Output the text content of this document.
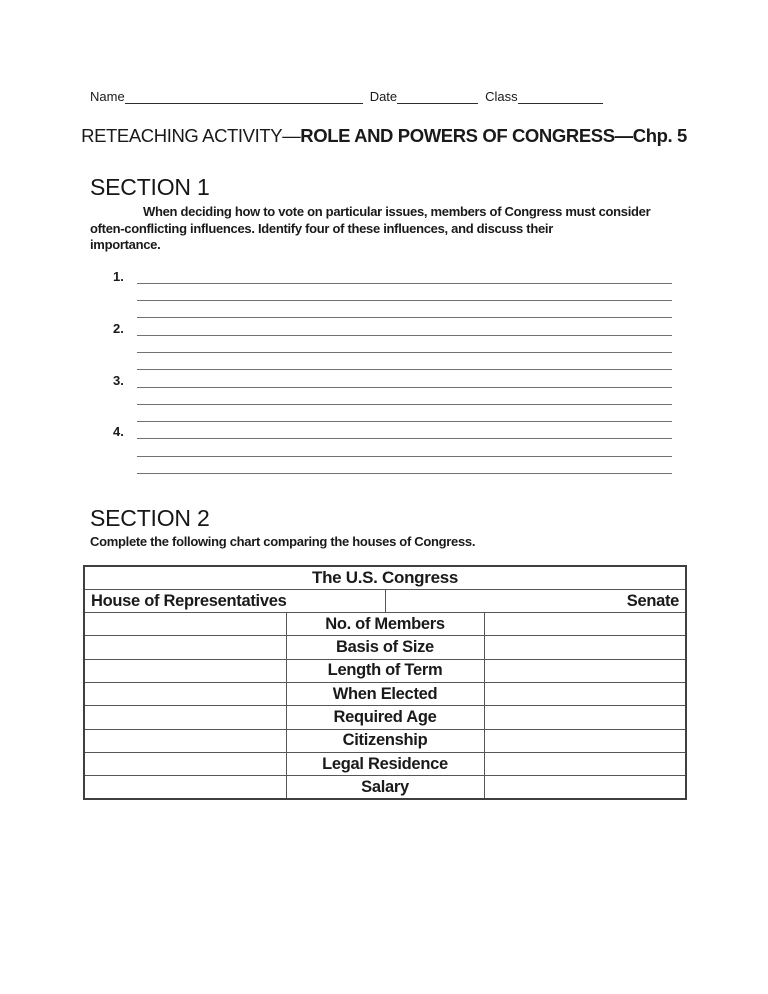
Name	Date	Class
RETEACHING ACTIVITY—ROLE AND POWERS OF CONGRESS—Chp. 5
SECTION 1

When deciding how to vote on particular issues, members of Congress must consider
often-conflicting influences. Identify four of these influences, and discuss their
importance.

1.
2.
3.
4.
SECTION 2

Complete the following chart comparing the houses of Congress.

The U.S. Congress			
House of Representatives		Senate	
	No. of Members		
	Basis of Size		
	Length of Term		
	When Elected		
	Required Age		
	Citizenship		
	Legal Residence		
	Salary		
